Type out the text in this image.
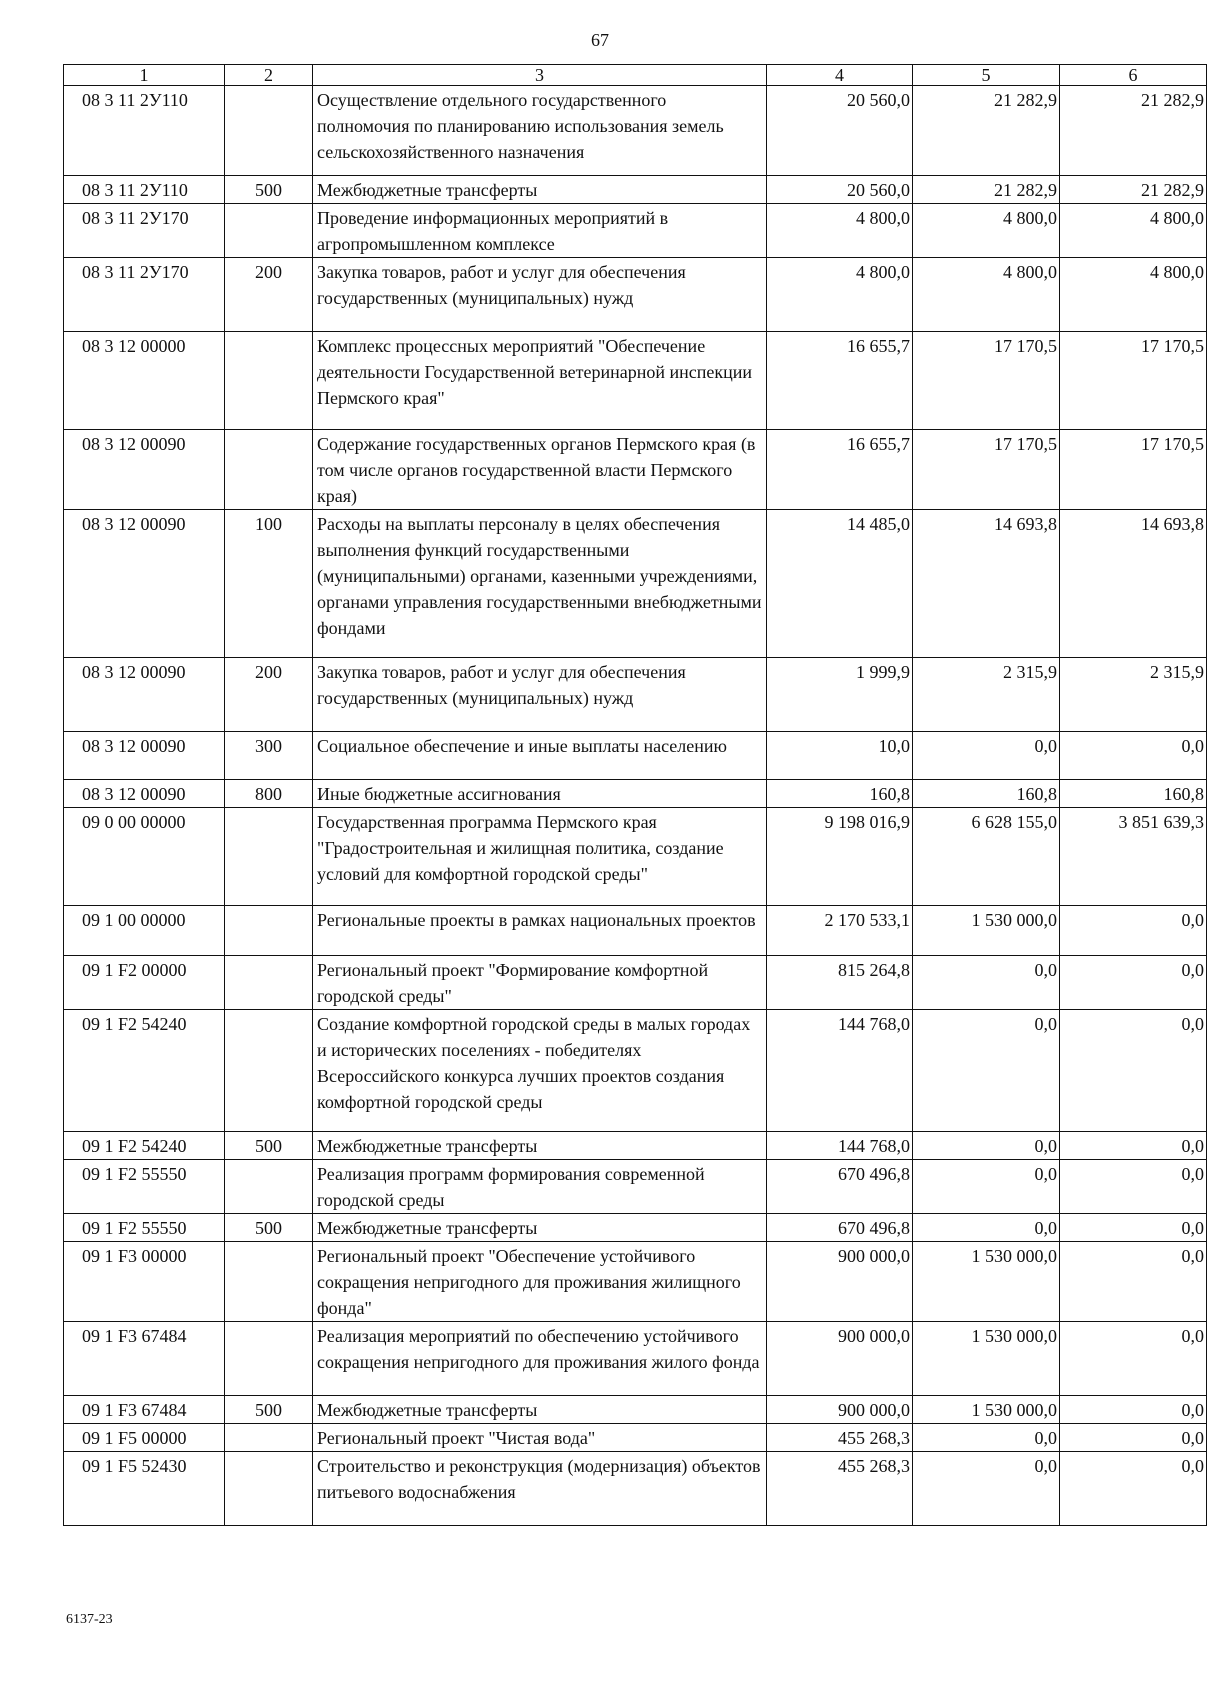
67
1	2	3	4	5	6
08 3 11 2У110		Осуществление отдельного государственного полномочия по планированию использования земель сельскохозяйственного назначения	20 560,0	21 282,9	21 282,9
08 3 11 2У110	500	Межбюджетные трансферты	20 560,0	21 282,9	21 282,9
08 3 11 2У170		Проведение информационных мероприятий в агропромышленном комплексе	4 800,0	4 800,0	4 800,0
08 3 11 2У170	200	Закупка товаров, работ и услуг для обеспечения государственных (муниципальных) нужд	4 800,0	4 800,0	4 800,0
08 3 12 00000		Комплекс процессных мероприятий "Обеспечение деятельности Государственной ветеринарной инспекции Пермского края"	16 655,7	17 170,5	17 170,5
08 3 12 00090		Содержание государственных органов Пермского края (в том числе органов государственной власти Пермского края)	16 655,7	17 170,5	17 170,5
08 3 12 00090	100	Расходы на выплаты персоналу в целях обеспечения выполнения функций государственными (муниципальными) органами, казенными учреждениями, органами управления государственными внебюджетными фондами	14 485,0	14 693,8	14 693,8
08 3 12 00090	200	Закупка товаров, работ и услуг для обеспечения государственных (муниципальных) нужд	1 999,9	2 315,9	2 315,9
08 3 12 00090	300	Социальное обеспечение и иные выплаты населению	10,0	0,0	0,0
08 3 12 00090	800	Иные бюджетные ассигнования	160,8	160,8	160,8
09 0 00 00000		Государственная программа Пермского края "Градостроительная и жилищная политика, создание условий для комфортной городской среды"	9 198 016,9	6 628 155,0	3 851 639,3
09 1 00 00000		Региональные проекты в рамках национальных проектов	2 170 533,1	1 530 000,0	0,0
09 1 F2 00000		Региональный проект "Формирование комфортной городской среды"	815 264,8	0,0	0,0
09 1 F2 54240		Создание комфортной городской среды в малых городах и исторических поселениях - победителях Всероссийского конкурса лучших проектов создания комфортной городской среды	144 768,0	0,0	0,0
09 1 F2 54240	500	Межбюджетные трансферты	144 768,0	0,0	0,0
09 1 F2 55550		Реализация программ формирования современной городской среды	670 496,8	0,0	0,0
09 1 F2 55550	500	Межбюджетные трансферты	670 496,8	0,0	0,0
09 1 F3 00000		Региональный проект "Обеспечение устойчивого сокращения непригодного для проживания жилищного фонда"	900 000,0	1 530 000,0	0,0
09 1 F3 67484		Реализация мероприятий по обеспечению устойчивого сокращения непригодного для проживания жилого фонда	900 000,0	1 530 000,0	0,0
09 1 F3 67484	500	Межбюджетные трансферты	900 000,0	1 530 000,0	0,0
09 1 F5 00000		Региональный проект "Чистая вода"	455 268,3	0,0	0,0
09 1 F5 52430		Строительство и реконструкция (модернизация) объектов питьевого водоснабжения	455 268,3	0,0	0,0
6137-23
